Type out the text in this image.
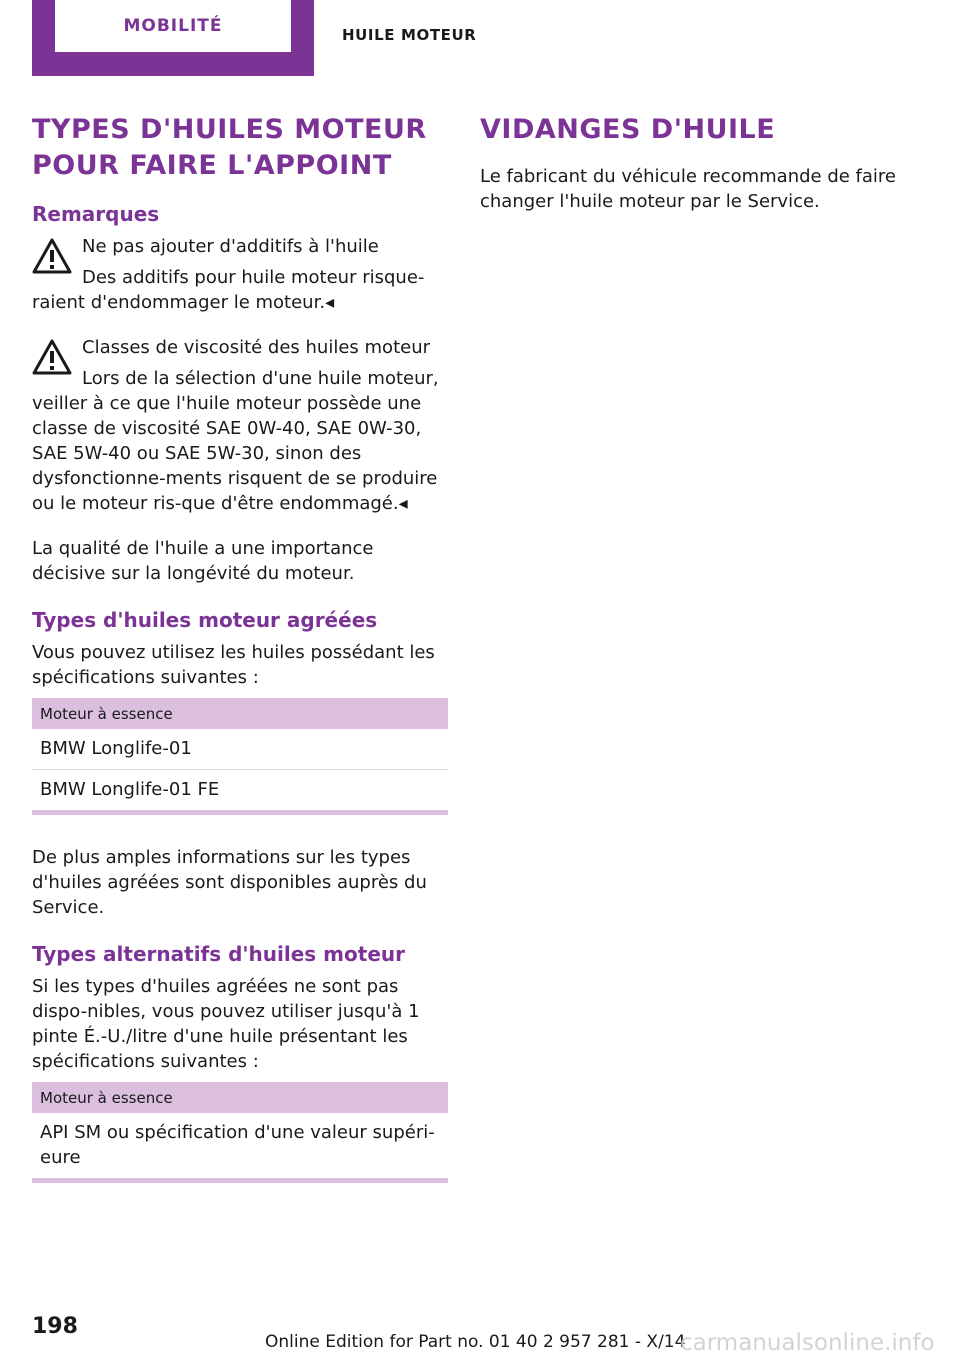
MOBILITÉ	HUILE MOTEUR
TYPES D'HUILES MOTEUR POUR FAIRE L'APPOINT
Remarques
Ne pas ajouter d'additifs à l'huile

Des additifs pour huile moteur risque-raient d'endommager le moteur.◂

Classes de viscosité des huiles moteur

Lors de la sélection d'une huile moteur, veiller à ce que l'huile moteur possède une classe de viscosité SAE 0W-40, SAE 0W-30, SAE 5W-40 ou SAE 5W-30, sinon des dysfonctionne-ments risquent de se produire ou le moteur ris-que d'être endommagé.◂

La qualité de l'huile a une importance décisive sur la longévité du moteur.

Types d'huiles moteur agréées

Vous pouvez utilisez les huiles possédant les spécifications suivantes :

Moteur à essence
BMW Longlife-01
BMW Longlife-01 FE

De plus amples informations sur les types d'huiles agréées sont disponibles auprès du Service.

Types alternatifs d'huiles moteur

Si les types d'huiles agréées ne sont pas dispo-nibles, vous pouvez utiliser jusqu'à 1 pinte É.-U./litre d'une huile présentant les spécifications suivantes :

Moteur à essence
API SM ou spécification d'une valeur supéri-eure
VIDANGES D'HUILE

Le fabricant du véhicule recommande de faire changer l'huile moteur par le Service.

198
Online Edition for Part no. 01 40 2 957 281 - X/14
carmanualsonline.info
